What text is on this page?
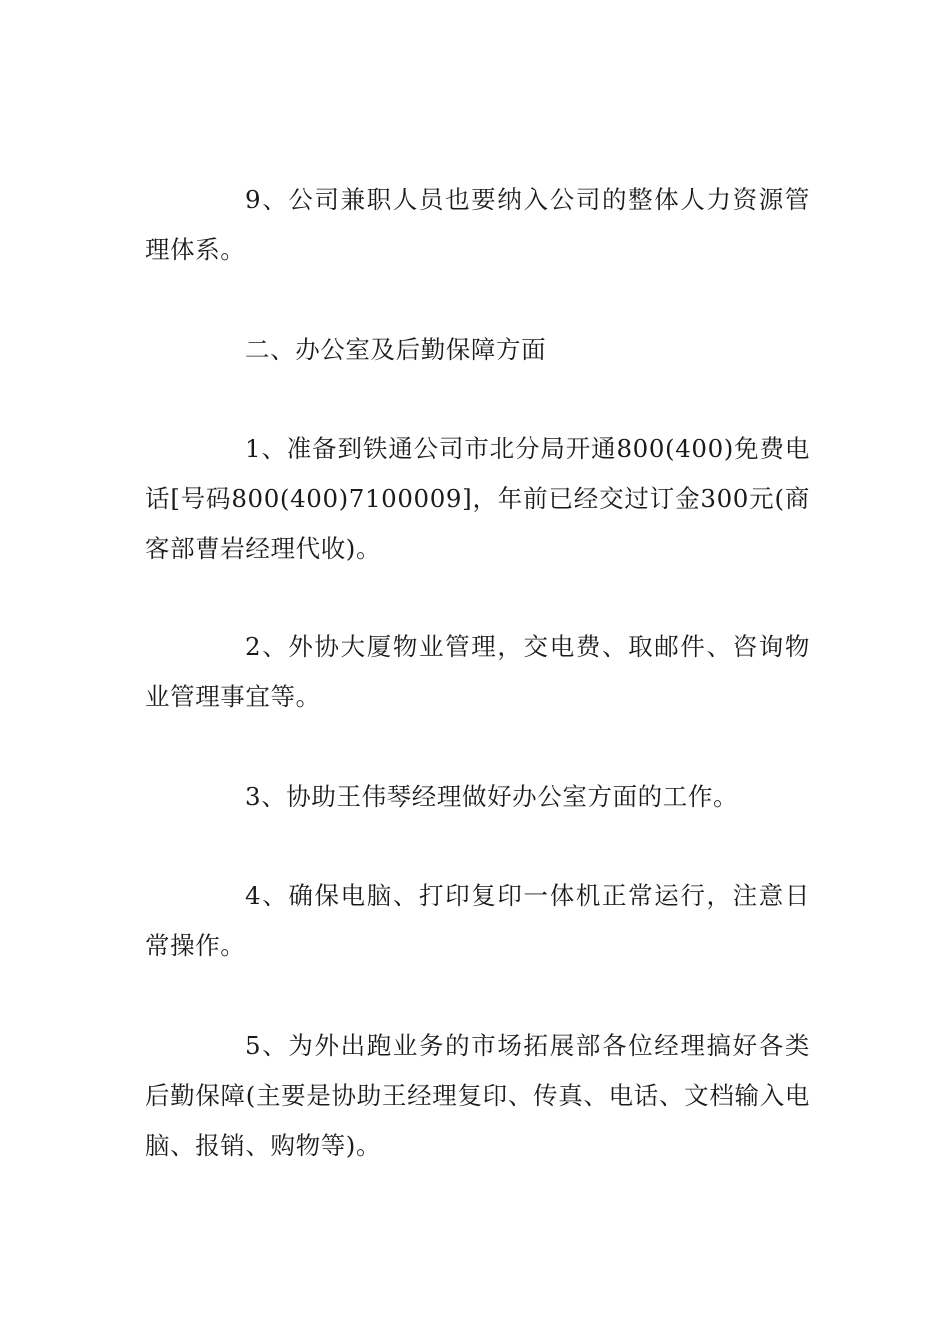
9、公司兼职人员也要纳入公司的整体人力资源管理体系。

二、办公室及后勤保障方面

1、准备到铁通公司市北分局开通800(400)免费电话[号码800(400)7100009]，年前已经交过订金300元(商客部曹岩经理代收)。

2、外协大厦物业管理，交电费、取邮件、咨询物业管理事宜等。

3、协助王伟琴经理做好办公室方面的工作。

4、确保电脑、打印复印一体机正常运行，注意日常操作。

5、为外出跑业务的市场拓展部各位经理搞好各类后勤保障(主要是协助王经理复印、传真、电话、文档输入电脑、报销、购物等)。
